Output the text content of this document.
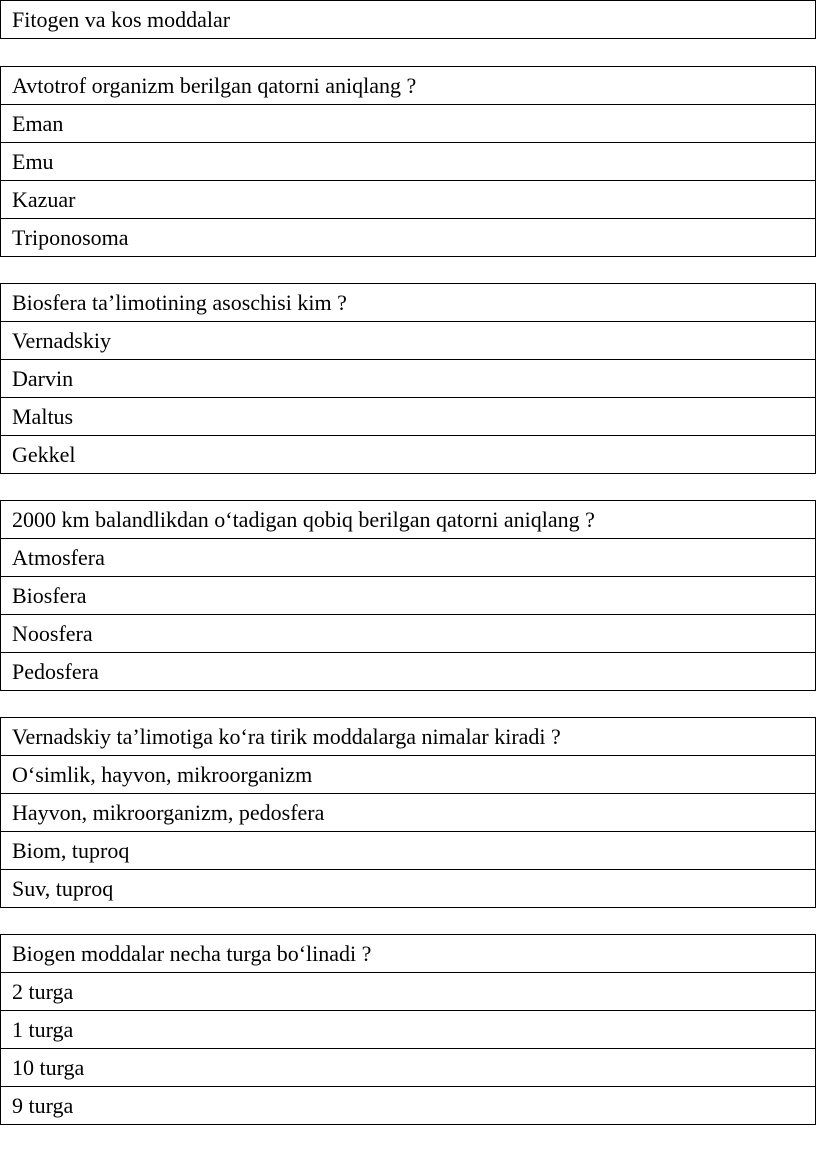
Fitogen va kos moddalar
Avtotrof organizm berilgan qatorni aniqlang ?
Eman
Emu
Kazuar
Triponosoma
Biosfera ta’limotining asoschisi kim ?
Vernadskiy
Darvin
Maltus
Gekkel
2000 km balandlikdan o‘tadigan qobiq berilgan qatorni aniqlang ?
Atmosfera
Biosfera
Noosfera
Pedosfera
Vernadskiy ta’limotiga ko‘ra tirik moddalarga nimalar kiradi ?
O‘simlik, hayvon, mikroorganizm
Hayvon, mikroorganizm, pedosfera
Biom, tuproq
Suv, tuproq
Biogen moddalar necha turga bo‘linadi ?
2 turga
1 turga
10 turga
9 turga
